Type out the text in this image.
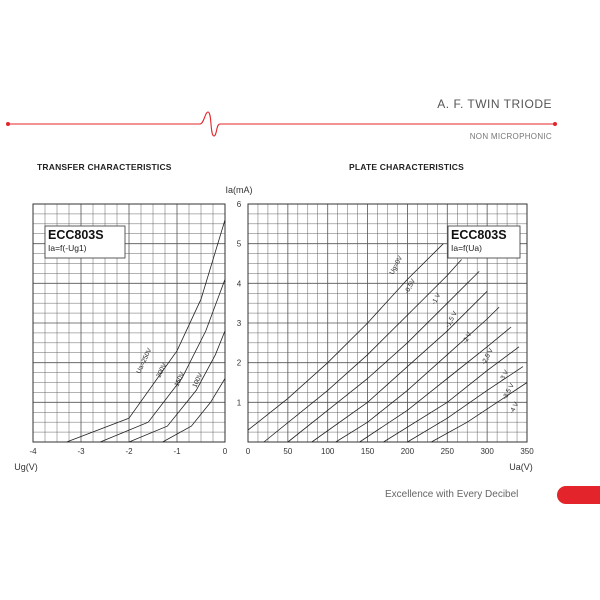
A. F. TWIN TRIODE
NON MICROPHONIC
TRANSFER CHARACTERISTICS	PLATE CHARACTERISTICS
-4	-3	-2	-1	0
Ug(V)
Ia(mA)
ECC803S
Ia=f(-Ug1)
Ua=250V 200V
150V 100V
0	50	100	150	200	250	300	350
1
2
3
4
5
6
Ua(V)
ECC803S
Ia=f(Ua)
Ug=0V
-0,5V
-1 V
-1,5 V
-2 V
-2,5 V
-3 V
-3,5 V
-4 V
Excellence with Every Decibel
